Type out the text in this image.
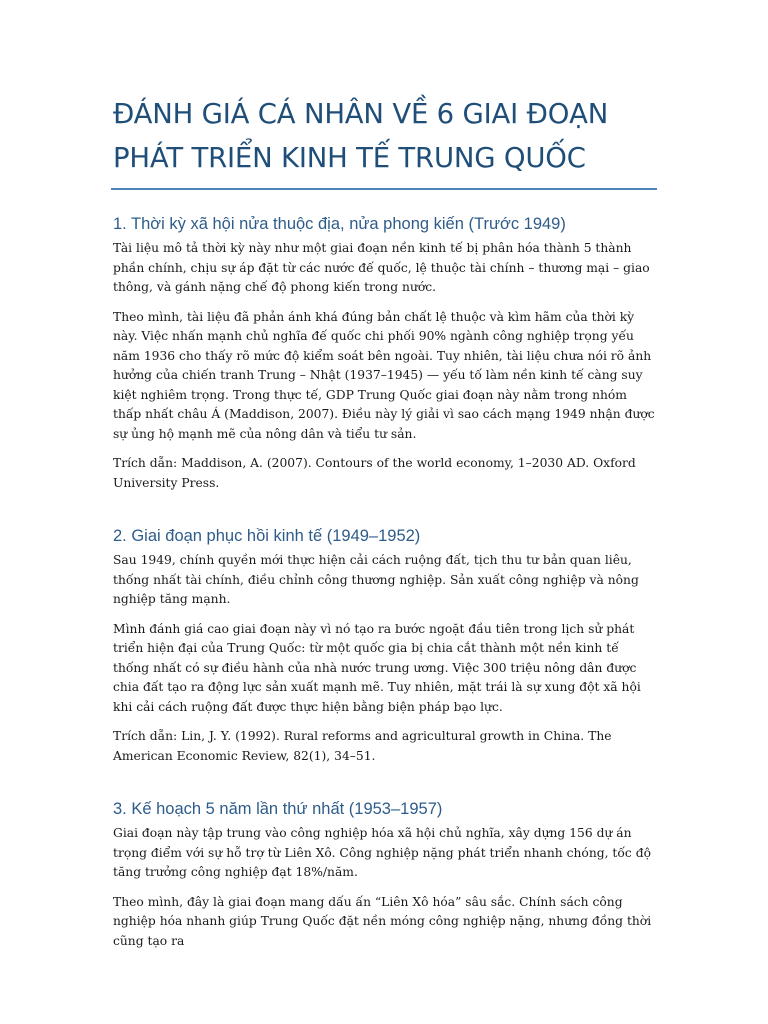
ĐÁNH GIÁ CÁ NHÂN VỀ 6 GIAI ĐOẠN
PHÁT TRIỂN KINH TẾ TRUNG QUỐC
1. Thời kỳ xã hội nửa thuộc địa, nửa phong kiến (Trước 1949)

Tài liệu mô tả thời kỳ này như một giai đoạn nền kinh tế bị phân hóa thành 5 thành phần chính, chịu sự áp đặt từ các nước đế quốc, lệ thuộc tài chính – thương mại – giao thông, và gánh nặng chế độ phong kiến trong nước.

Theo mình, tài liệu đã phản ánh khá đúng bản chất lệ thuộc và kìm hãm của thời kỳ này. Việc nhấn mạnh chủ nghĩa đế quốc chi phối 90% ngành công nghiệp trọng yếu năm 1936 cho thấy rõ mức độ kiểm soát bên ngoài. Tuy nhiên, tài liệu chưa nói rõ ảnh hưởng của chiến tranh Trung – Nhật (1937–1945) — yếu tố làm nền kinh tế càng suy kiệt nghiêm trọng. Trong thực tế, GDP Trung Quốc giai đoạn này nằm trong nhóm thấp nhất châu Á (Maddison, 2007). Điều này lý giải vì sao cách mạng 1949 nhận được sự ủng hộ mạnh mẽ của nông dân và tiểu tư sản.

Trích dẫn: Maddison, A. (2007). Contours of the world economy, 1–2030 AD. Oxford University Press.

2. Giai đoạn phục hồi kinh tế (1949–1952)

Sau 1949, chính quyền mới thực hiện cải cách ruộng đất, tịch thu tư bản quan liêu, thống nhất tài chính, điều chỉnh công thương nghiệp. Sản xuất công nghiệp và nông nghiệp tăng mạnh.

Mình đánh giá cao giai đoạn này vì nó tạo ra bước ngoặt đầu tiên trong lịch sử phát triển hiện đại của Trung Quốc: từ một quốc gia bị chia cắt thành một nền kinh tế thống nhất có sự điều hành của nhà nước trung ương. Việc 300 triệu nông dân được chia đất tạo ra động lực sản xuất mạnh mẽ. Tuy nhiên, mặt trái là sự xung đột xã hội khi cải cách ruộng đất được thực hiện bằng biện pháp bạo lực.

Trích dẫn: Lin, J. Y. (1992). Rural reforms and agricultural growth in China. The American Economic Review, 82(1), 34–51.

3. Kế hoạch 5 năm lần thứ nhất (1953–1957)

Giai đoạn này tập trung vào công nghiệp hóa xã hội chủ nghĩa, xây dựng 156 dự án trọng điểm với sự hỗ trợ từ Liên Xô. Công nghiệp nặng phát triển nhanh chóng, tốc độ tăng trưởng công nghiệp đạt 18%/năm.

Theo mình, đây là giai đoạn mang dấu ấn “Liên Xô hóa” sâu sắc. Chính sách công nghiệp hóa nhanh giúp Trung Quốc đặt nền móng công nghiệp nặng, nhưng đồng thời cũng tạo ra
